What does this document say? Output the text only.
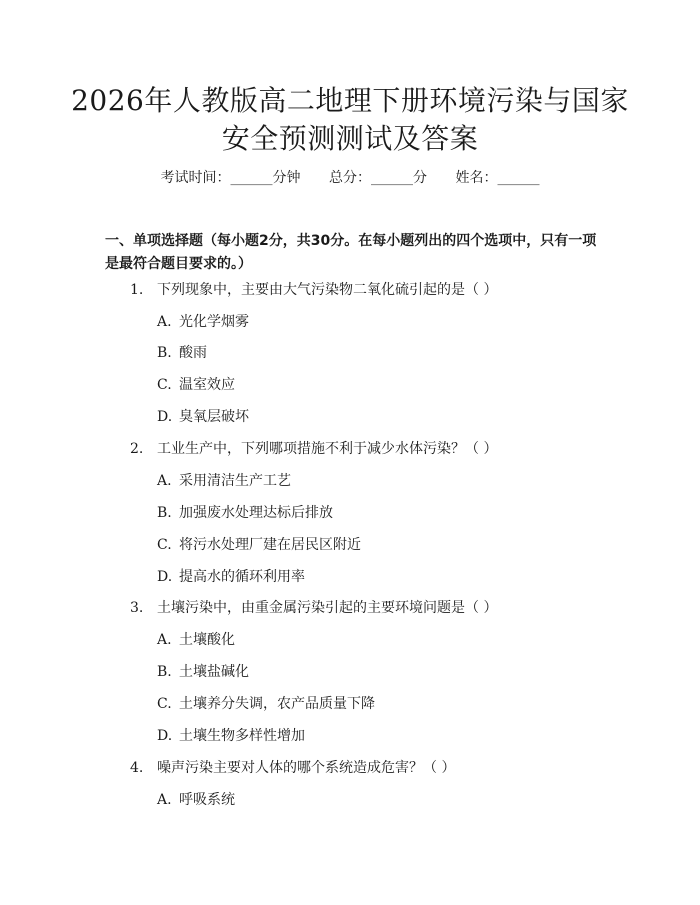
2026年人教版高二地理下册环境污染与国家
安全预测测试及答案
考试时间：______分钟 总分：______分 姓名：______
一、单项选择题（每小题2分，共30分。在每小题列出的四个选项中，只有一项是最符合题目要求的。）
1. 下列现象中，主要由大气污染物二氧化硫引起的是（ ）
A. 光化学烟雾
B. 酸雨
C. 温室效应
D. 臭氧层破坏
2. 工业生产中，下列哪项措施不利于减少水体污染？（ ）
A. 采用清洁生产工艺
B. 加强废水处理达标后排放
C. 将污水处理厂建在居民区附近
D. 提高水的循环利用率
3. 土壤污染中，由重金属污染引起的主要环境问题是（ ）
A. 土壤酸化
B. 土壤盐碱化
C. 土壤养分失调，农产品质量下降
D. 土壤生物多样性增加
4. 噪声污染主要对人体的哪个系统造成危害？（ ）
A. 呼吸系统
